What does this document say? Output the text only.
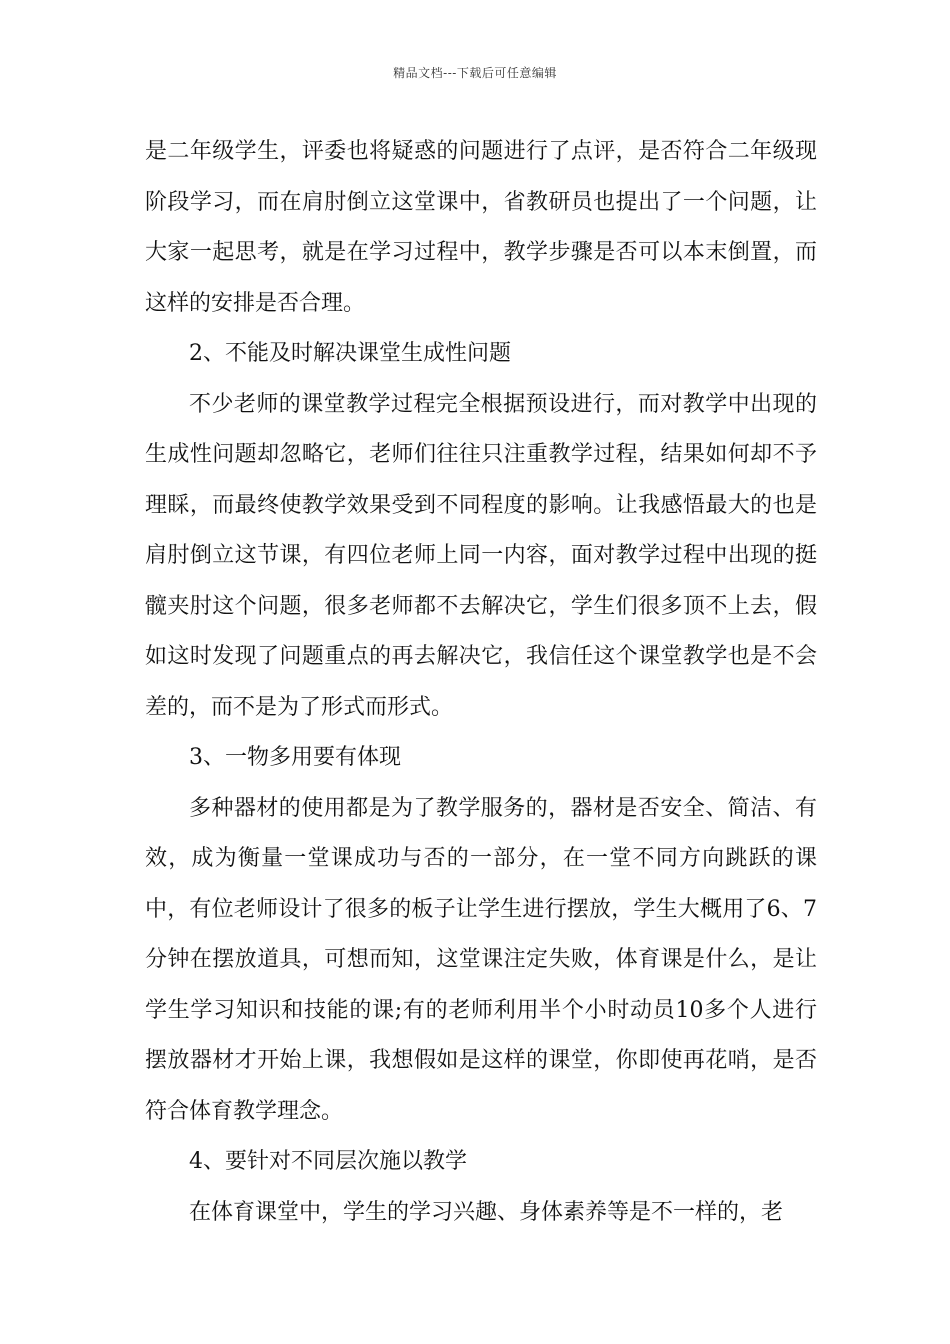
精品文档---下载后可任意编辑

是二年级学生，评委也将疑惑的问题进行了点评，是否符合二年级现阶段学习，而在肩肘倒立这堂课中，省教研员也提出了一个问题，让大家一起思考，就是在学习过程中，教学步骤是否可以本末倒置，而这样的安排是否合理。

2、不能及时解决课堂生成性问题

不少老师的课堂教学过程完全根据预设进行，而对教学中出现的生成性问题却忽略它，老师们往往只注重教学过程，结果如何却不予理睬，而最终使教学效果受到不同程度的影响。让我感悟最大的也是肩肘倒立这节课，有四位老师上同一内容，面对教学过程中出现的挺髋夹肘这个问题，很多老师都不去解决它，学生们很多顶不上去，假如这时发现了问题重点的再去解决它，我信任这个课堂教学也是不会差的，而不是为了形式而形式。

3、一物多用要有体现

多种器材的使用都是为了教学服务的，器材是否安全、简洁、有效，成为衡量一堂课成功与否的一部分，在一堂不同方向跳跃的课中，有位老师设计了很多的板子让学生进行摆放，学生大概用了6、7分钟在摆放道具，可想而知，这堂课注定失败，体育课是什么，是让学生学习知识和技能的课;有的老师利用半个小时动员10多个人进行摆放器材才开始上课，我想假如是这样的课堂，你即使再花哨，是否符合体育教学理念。

4、要针对不同层次施以教学

在体育课堂中，学生的学习兴趣、身体素养等是不一样的，老
